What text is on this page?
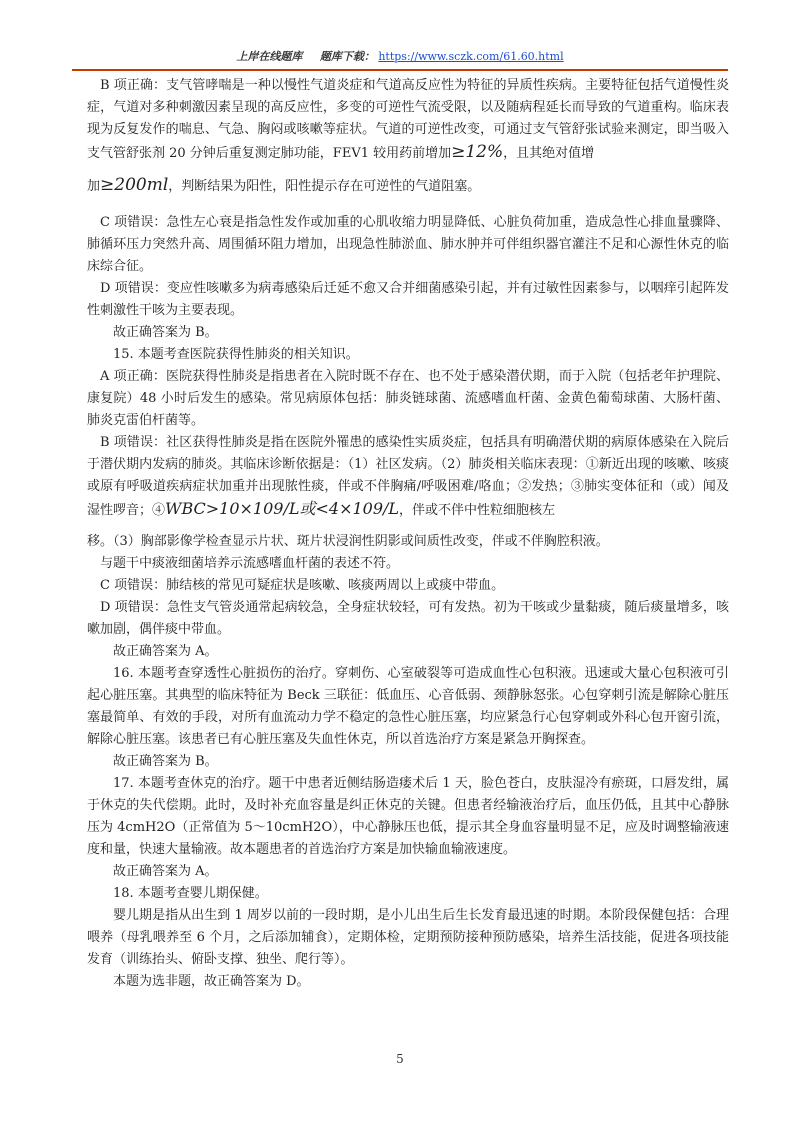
上岸在线题库 题库下载： https://www.sczk.com/61.60.html

B 项正确：支气管哮喘是一种以慢性气道炎症和气道高反应性为特征的异质性疾病。主要特征包括气道慢性炎症，气道对多种刺激因素呈现的高反应性，多变的可逆性气流受限，以及随病程延长而导致的气道重构。临床表现为反复发作的喘息、气急、胸闷或咳嗽等症状。气道的可逆性改变，可通过支气管舒张试验来测定，即当吸入支气管舒张剂 20 分钟后重复测定肺功能，FEV1 较用药前增加≥12%，且其绝对值增

加≥200ml，判断结果为阳性，阳性提示存在可逆性的气道阻塞。

C 项错误：急性左心衰是指急性发作或加重的心肌收缩力明显降低、心脏负荷加重，造成急性心排血量骤降、肺循环压力突然升高、周围循环阻力增加，出现急性肺淤血、肺水肿并可伴组织器官灌注不足和心源性休克的临床综合征。

D 项错误：变应性咳嗽多为病毒感染后迁延不愈又合并细菌感染引起，并有过敏性因素参与，以咽痒引起阵发性刺激性干咳为主要表现。

故正确答案为 B。

15. 本题考查医院获得性肺炎的相关知识。

A 项正确：医院获得性肺炎是指患者在入院时既不存在、也不处于感染潜伏期，而于入院（包括老年护理院、康复院）48 小时后发生的感染。常见病原体包括：肺炎链球菌、流感嗜血杆菌、金黄色葡萄球菌、大肠杆菌、肺炎克雷伯杆菌等。

B 项错误：社区获得性肺炎是指在医院外罹患的感染性实质炎症，包括具有明确潜伏期的病原体感染在入院后于潜伏期内发病的肺炎。其临床诊断依据是：（1）社区发病。（2）肺炎相关临床表现：①新近出现的咳嗽、咳痰或原有呼吸道疾病症状加重并出现脓性痰，伴或不伴胸痛/呼吸困难/咯血；②发热；③肺实变体征和（或）闻及湿性啰音；④WBC>10×109/L或<4×109/L，伴或不伴中性粒细胞核左

移。（3）胸部影像学检查显示片状、斑片状浸润性阴影或间质性改变，伴或不伴胸腔积液。

与题干中痰液细菌培养示流感嗜血杆菌的表述不符。

C 项错误：肺结核的常见可疑症状是咳嗽、咳痰两周以上或痰中带血。

D 项错误：急性支气管炎通常起病较急，全身症状较轻，可有发热。初为干咳或少量黏痰，随后痰量增多，咳嗽加剧，偶伴痰中带血。

故正确答案为 A。

16. 本题考查穿透性心脏损伤的治疗。穿刺伤、心室破裂等可造成血性心包积液。迅速或大量心包积液可引起心脏压塞。其典型的临床特征为 Beck 三联征：低血压、心音低弱、颈静脉怒张。心包穿刺引流是解除心脏压塞最简单、有效的手段，对所有血流动力学不稳定的急性心脏压塞，均应紧急行心包穿刺或外科心包开窗引流，解除心脏压塞。该患者已有心脏压塞及失血性休克，所以首选治疗方案是紧急开胸探查。

故正确答案为 B。

17. 本题考查休克的治疗。题干中患者近侧结肠造瘘术后 1 天，脸色苍白，皮肤湿冷有瘀斑，口唇发绀，属于休克的失代偿期。此时，及时补充血容量是纠正休克的关键。但患者经输液治疗后，血压仍低，且其中心静脉压为 4cmH2O（正常值为 5～10cmH2O），中心静脉压也低，提示其全身血容量明显不足，应及时调整输液速度和量，快速大量输液。故本题患者的首选治疗方案是加快输血输液速度。

故正确答案为 A。

18. 本题考查婴儿期保健。

婴儿期是指从出生到 1 周岁以前的一段时期，是小儿出生后生长发育最迅速的时期。本阶段保健包括：合理喂养（母乳喂养至 6 个月，之后添加辅食），定期体检，定期预防接种预防感染，培养生活技能，促进各项技能发育（训练抬头、俯卧支撑、独坐、爬行等）。

本题为选非题，故正确答案为 D。

5
